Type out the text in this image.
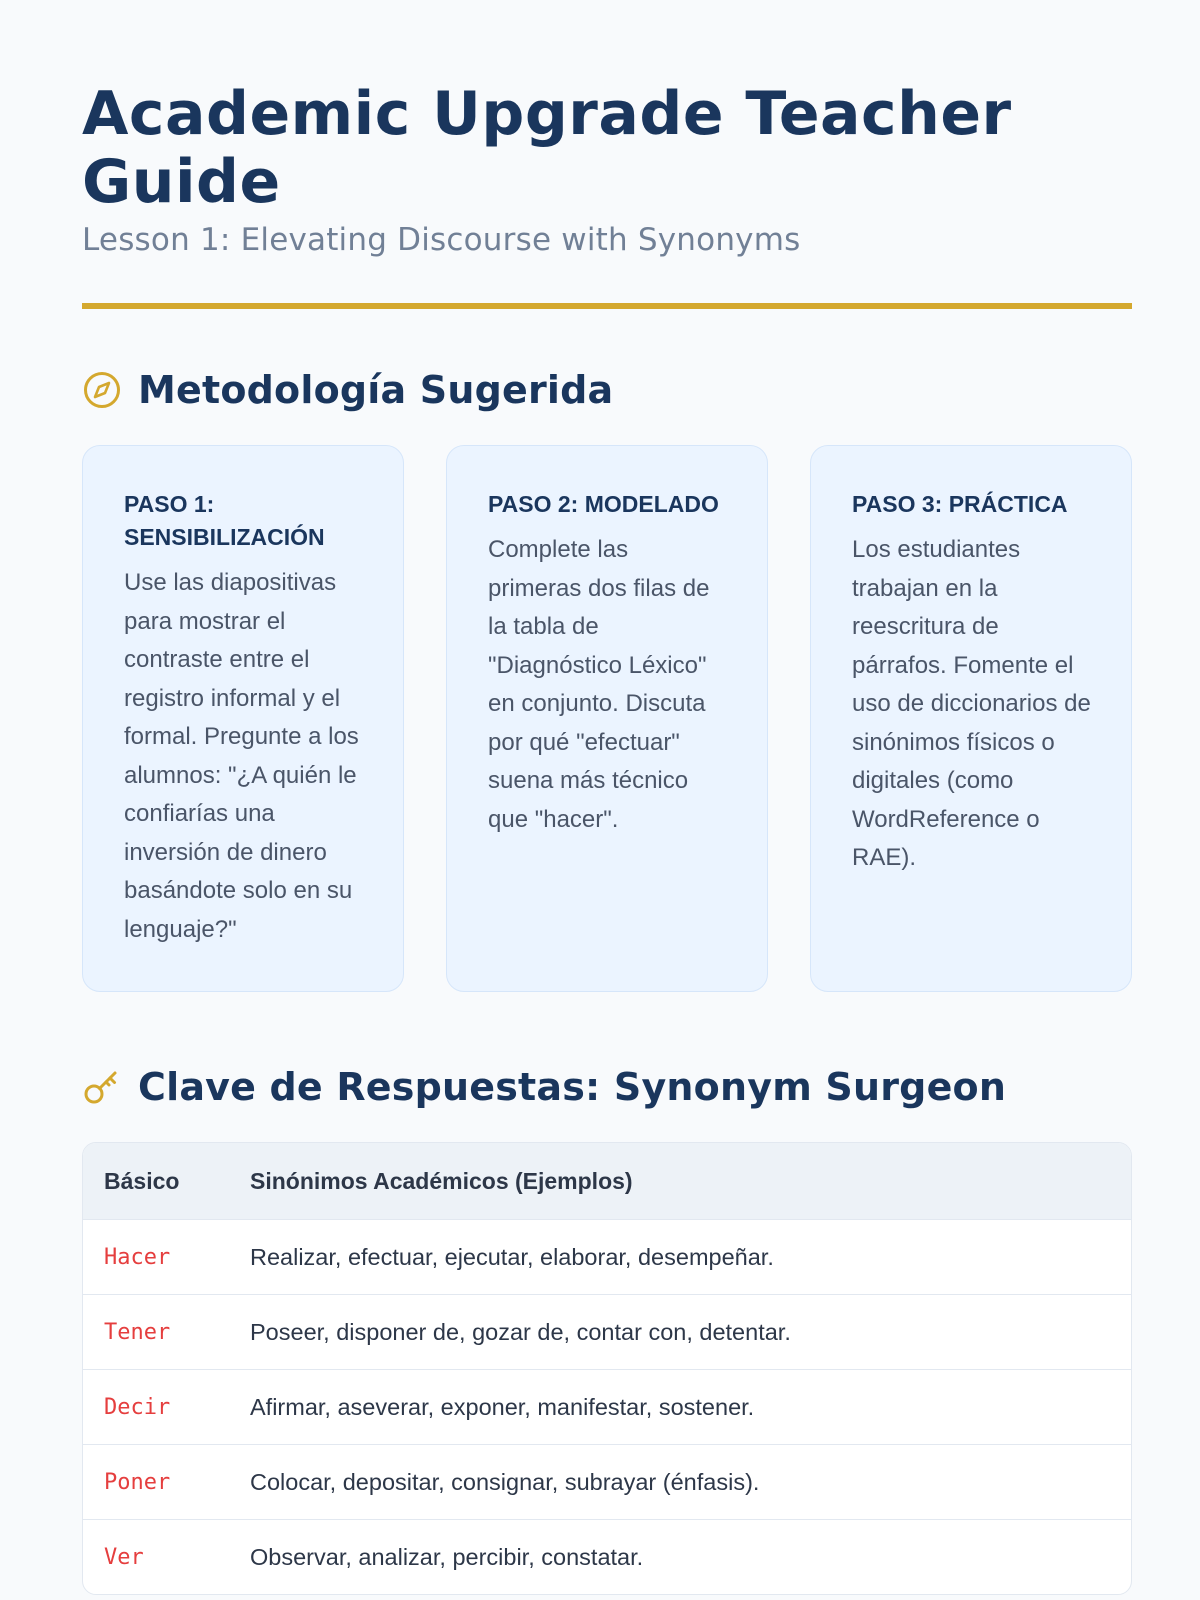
Academic Upgrade Teacher Guide

Lesson 1: Elevating Discourse with Synonyms

Metodología Sugerida

PASO 1: SENSIBILIZACIÓN

Use las diapositivas para mostrar el contraste entre el registro informal y el formal. Pregunte a los alumnos: "¿A quién le confiarías una inversión de dinero basándote solo en su lenguaje?"

PASO 2: MODELADO

Complete las primeras dos filas de la tabla de "Diagnóstico Léxico" en conjunto. Discuta por qué "efectuar" suena más técnico que "hacer".

PASO 3: PRÁCTICA

Los estudiantes trabajan en la reescritura de párrafos. Fomente el uso de diccionarios de sinónimos físicos o digitales (como WordReference o RAE).

Clave de Respuestas: Synonym Surgeon
Básico	Sinónimos Académicos (Ejemplos)
Hacer	Realizar, efectuar, ejecutar, elaborar, desempeñar.
Tener	Poseer, disponer de, gozar de, contar con, detentar.
Decir	Afirmar, aseverar, exponer, manifestar, sostener.
Poner	Colocar, depositar, consignar, subrayar (énfasis).
Ver	Observar, analizar, percibir, constatar.
